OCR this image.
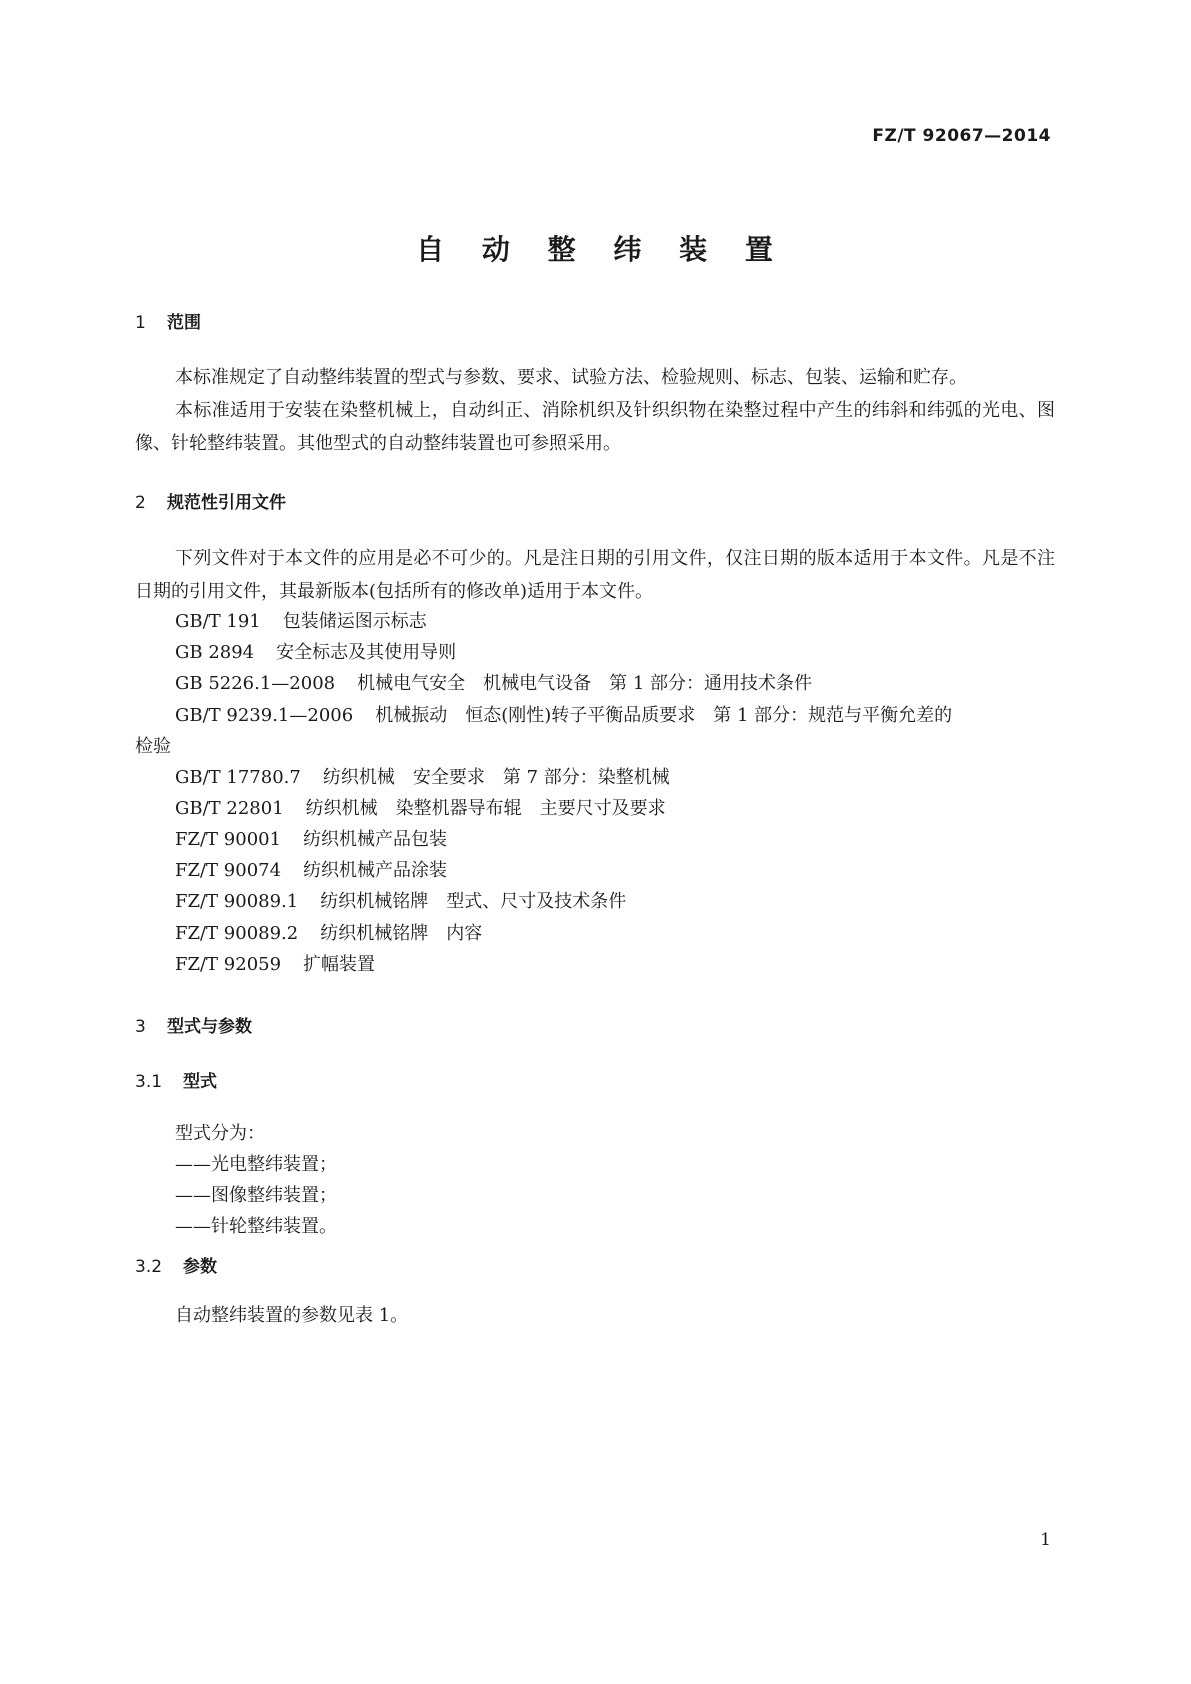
FZ/T 92067—2014
自 动 整 纬 装 置
1 范围
本标准规定了自动整纬装置的型式与参数、要求、试验方法、检验规则、标志、包装、运输和贮存。
本标准适用于安装在染整机械上，自动纠正、消除机织及针织织物在染整过程中产生的纬斜和纬弧的光电、图像、针轮整纬装置。其他型式的自动整纬装置也可参照采用。
2 规范性引用文件
下列文件对于本文件的应用是必不可少的。凡是注日期的引用文件，仅注日期的版本适用于本文件。凡是不注日期的引用文件，其最新版本(包括所有的修改单)适用于本文件。
GB/T 191 包装储运图示标志
GB 2894 安全标志及其使用导则
GB 5226.1—2008 机械电气安全　机械电气设备　第 1 部分：通用技术条件
GB/T 9239.1—2006 机械振动　恒态(刚性)转子平衡品质要求　第 1 部分：规范与平衡允差的
检验
GB/T 17780.7 纺织机械　安全要求　第 7 部分：染整机械
GB/T 22801 纺织机械　染整机器导布辊　主要尺寸及要求
FZ/T 90001 纺织机械产品包装
FZ/T 90074 纺织机械产品涂装
FZ/T 90089.1 纺织机械铭牌　型式、尺寸及技术条件
FZ/T 90089.2 纺织机械铭牌　内容
FZ/T 92059 扩幅装置
3 型式与参数
3.1 型式
型式分为：
——光电整纬装置；
——图像整纬装置；
——针轮整纬装置。
3.2 参数
自动整纬装置的参数见表 1。
1
